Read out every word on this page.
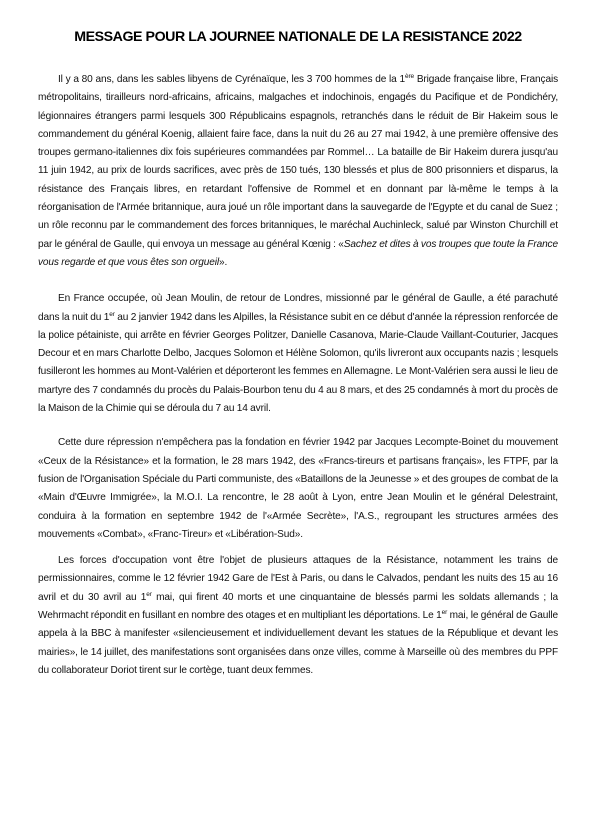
MESSAGE POUR LA JOURNEE NATIONALE DE LA RESISTANCE 2022

Il y a 80 ans, dans les sables libyens de Cyrénaïque, les 3 700 hommes de la 1ère Brigade française libre, Français métropolitains, tirailleurs nord-africains, africains, malgaches et indochinois, engagés du Pacifique et de Pondichéry, légionnaires étrangers parmi lesquels 300 Républicains espagnols, retranchés dans le réduit de Bir Hakeim sous le commandement du général Koenig, allaient faire face, dans la nuit du 26 au 27 mai 1942, à une première offensive des troupes germano-italiennes dix fois supérieures commandées par Rommel… La bataille de Bir Hakeim durera jusqu'au 11 juin 1942, au prix de lourds sacrifices, avec près de 150 tués, 130 blessés et plus de 800 prisonniers et disparus, la résistance des Français libres, en retardant l'offensive de Rommel et en donnant par là-même le temps à la réorganisation de l'Armée britannique, aura joué un rôle important dans la sauvegarde de l'Egypte et du canal de Suez ; un rôle reconnu par le commandement des forces britanniques, le maréchal Auchinleck, salué par Winston Churchill et par le général de Gaulle, qui envoya un message au général Kœnig : «Sachez et dites à vos troupes que toute la France vous regarde et que vous êtes son orgueil».

En France occupée, où Jean Moulin, de retour de Londres, missionné par le général de Gaulle, a été parachuté dans la nuit du 1er au 2 janvier 1942 dans les Alpilles, la Résistance subit en ce début d'année la répression renforcée de la police pétainiste, qui arrête en février Georges Politzer, Danielle Casanova, Marie-Claude Vaillant-Couturier, Jacques Decour et en mars Charlotte Delbo, Jacques Solomon et Hélène Solomon, qu'ils livreront aux occupants nazis ; lesquels fusilleront les hommes au Mont-Valérien et déporteront les femmes en Allemagne. Le Mont-Valérien sera aussi le lieu de martyre des 7 condamnés du procès du Palais-Bourbon tenu du 4 au 8 mars, et des 25 condamnés à mort du procès de la Maison de la Chimie qui se déroula du 7 au 14 avril.

Cette dure répression n'empêchera pas la fondation en février 1942 par Jacques Lecompte-Boinet du mouvement «Ceux de la Résistance» et la formation, le 28 mars 1942, des «Francs-tireurs et partisans français», les FTPF, par la fusion de l'Organisation Spéciale du Parti communiste, des «Bataillons de la Jeunesse » et des groupes de combat de la «Main d'Œuvre Immigrée», la M.O.I. La rencontre, le 28 août à Lyon, entre Jean Moulin et le général Delestraint, conduira à la formation en septembre 1942 de l'«Armée Secrète», l'A.S., regroupant les structures armées des mouvements «Combat», «Franc-Tireur» et «Libération-Sud».

Les forces d'occupation vont être l'objet de plusieurs attaques de la Résistance, notamment les trains de permissionnaires, comme le 12 février 1942 Gare de l'Est à Paris, ou dans le Calvados, pendant les nuits des 15 au 16 avril et du 30 avril au 1er mai, qui firent 40 morts et une cinquantaine de blessés parmi les soldats allemands ; la Wehrmacht répondit en fusillant en nombre des otages et en multipliant les déportations. Le 1er mai, le général de Gaulle appela à la BBC à manifester «silencieusement et individuellement devant les statues de la République et devant les mairies», le 14 juillet, des manifestations sont organisées dans onze villes, comme à Marseille où des membres du PPF du collaborateur Doriot tirent sur le cortège, tuant deux femmes.
